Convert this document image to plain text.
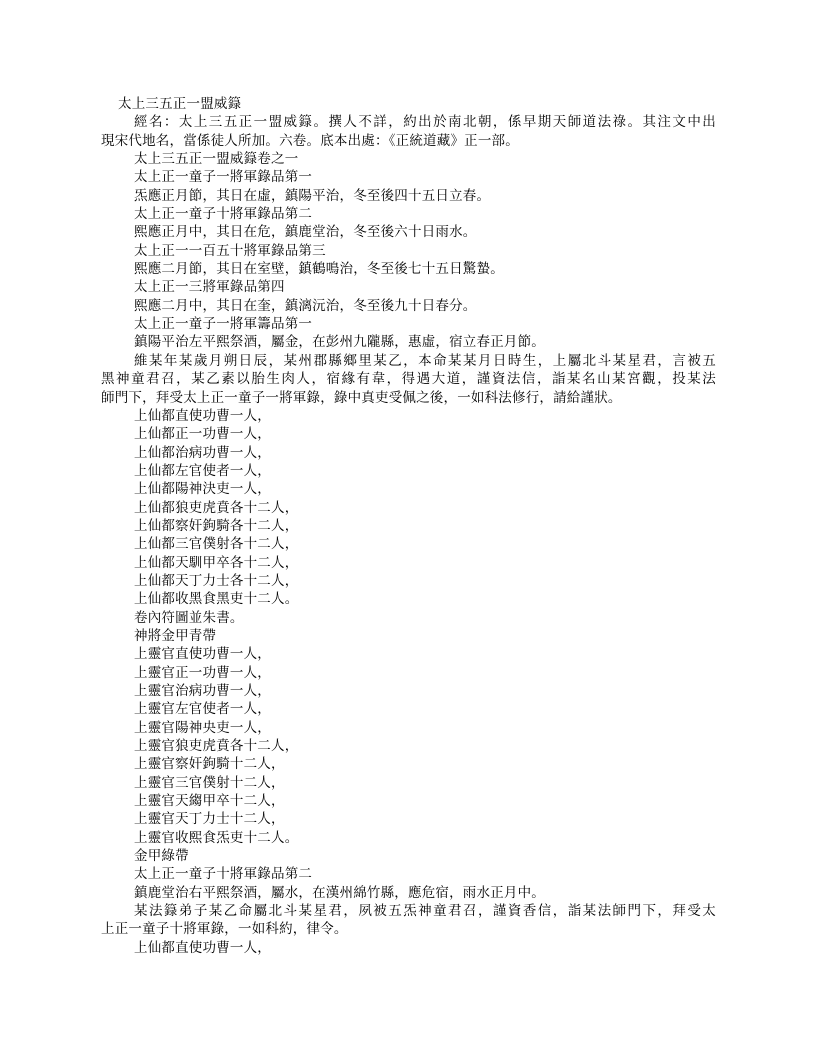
太上三五正一盟威籙
經名：太上三五正一盟威籙。撰人不詳，約出於南北朝，係早期天師道法祿。其注文中出
現宋代地名，當係徒人所加。六卷。底本出處：《正統道藏》正一部。
太上三五正一盟威籙卷之一
太上正一童子一將軍錄品第一
炁應正月節，其日在虛，鎮陽平治，冬至後四十五日立春。
太上正一童子十將軍錄品第二
熙應正月中，其日在危，鎮鹿堂治，冬至後六十日雨水。
太上正一一百五十將軍錄品第三
熙應二月節，其日在室壁，鎮鶴鳴治，冬至後七十五日驚蟄。
太上正一三將軍錄品第四
熙應二月中，其日在奎，鎮漓沅治，冬至後九十日春分。
太上正一童子一將軍籌品第一
鎮陽平治左平熙祭酒，屬金，在彭州九隴縣，惠虛，宿立春正月節。
維某年某歲月朔日辰，某州郡縣鄉里某乙，本命某某月日時生，上屬北斗某星君，言被五
黑神童君召，某乙素以胎生肉人，宿緣有韋，得遇大道，謹資法信，詣某名山某宮觀，投某法
師門下，拜受太上正一童子一將軍錄，錄中真吏受佩之後，一如科法修行，請給謹狀。
上仙都直使功曹一人，
上仙都正一功曹一人，
上仙都治病功曹一人，
上仙都左官使者一人，
上仙都陽神決吏一人，
上仙都狼吏虎賁各十二人，
上仙都察奸鉤騎各十二人，
上仙都三官僕射各十二人，
上仙都天馴甲卒各十二人，
上仙都天丁力士各十二人，
上仙都收黑食黑吏十二人。
卷內符圖並朱書。
神將金甲青帶
上靈官直使功曹一人，
上靈官正一功曹一人，
上靈官治病功曹一人，
上靈官左官使者一人，
上靈官陽神央吏一人，
上靈官狼吏虎賁各十二人，
上靈官察奸鉤騎十二人，
上靈官三官僕射十二人，
上靈官天縐甲卒十二人，
上靈官天丁力士十二人，
上靈官收熙食炁吏十二人。
金甲綠帶
太上正一童子十將軍錄品第二
鎮鹿堂治右平熙祭酒，屬水，在漢州綿竹縣，應危宿，雨水正月中。
某法籙弟子某乙命屬北斗某星君，夙被五炁神童君召，謹資香信，詣某法師門下，拜受太
上正一童子十將軍錄，一如科約，律令。
上仙都直使功曹一人，
